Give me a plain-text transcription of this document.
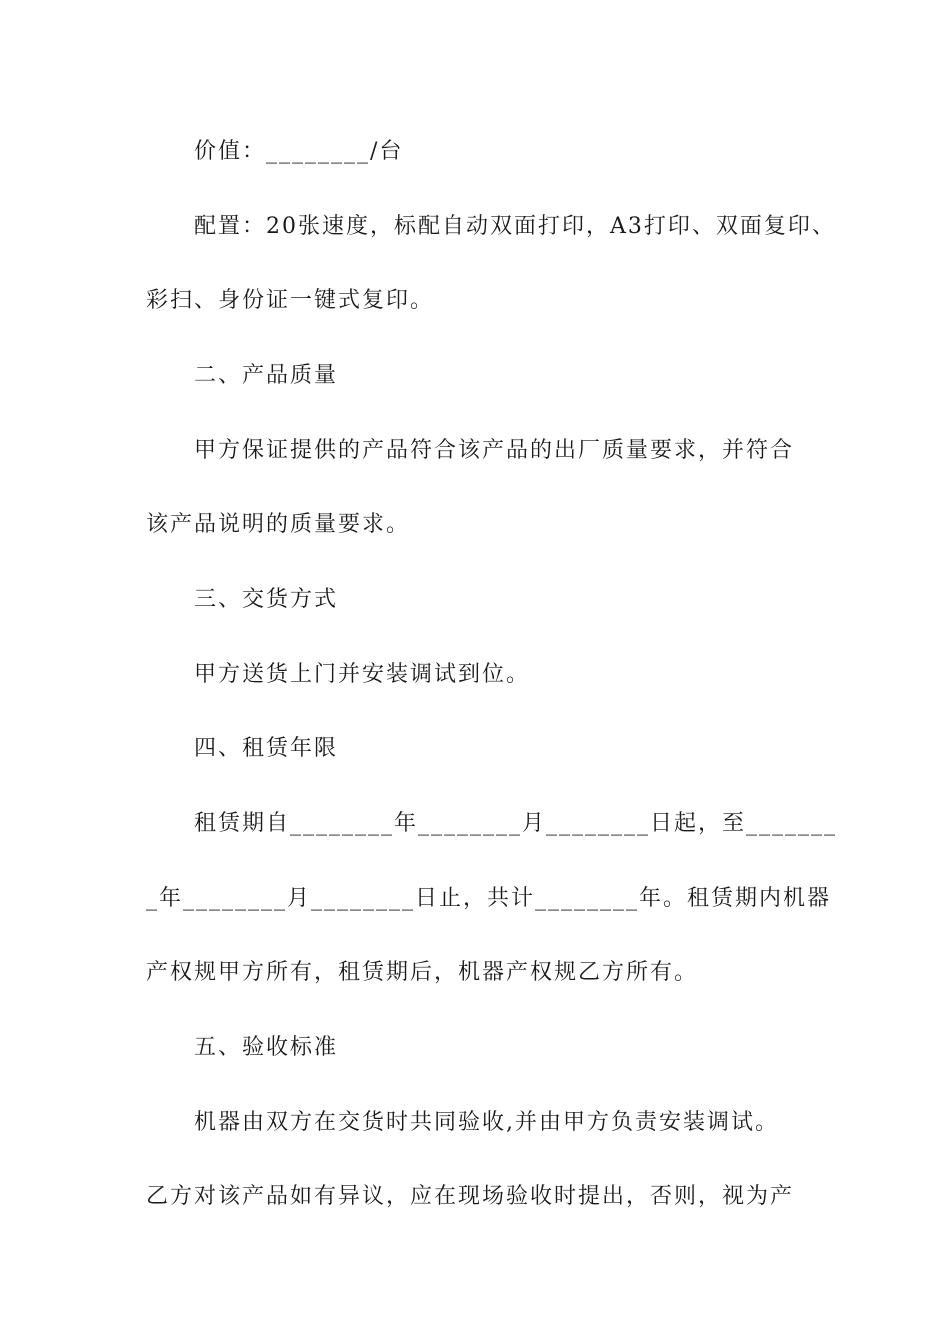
价值：________/台
配置：20张速度，标配自动双面打印，A3打印、双面复印、
彩扫、身份证一键式复印。
二、产品质量
甲方保证提供的产品符合该产品的出厂质量要求，并符合
该产品说明的质量要求。
三、交货方式
甲方送货上门并安装调试到位。
四、租赁年限
租赁期自________年________月________日起，至_______
_年________月________日止，共计________年。租赁期内机器
产权规甲方所有，租赁期后，机器产权规乙方所有。
五、验收标准
机器由双方在交货时共同验收,并由甲方负责安装调试。
乙方对该产品如有异议，应在现场验收时提出，否则，视为产
